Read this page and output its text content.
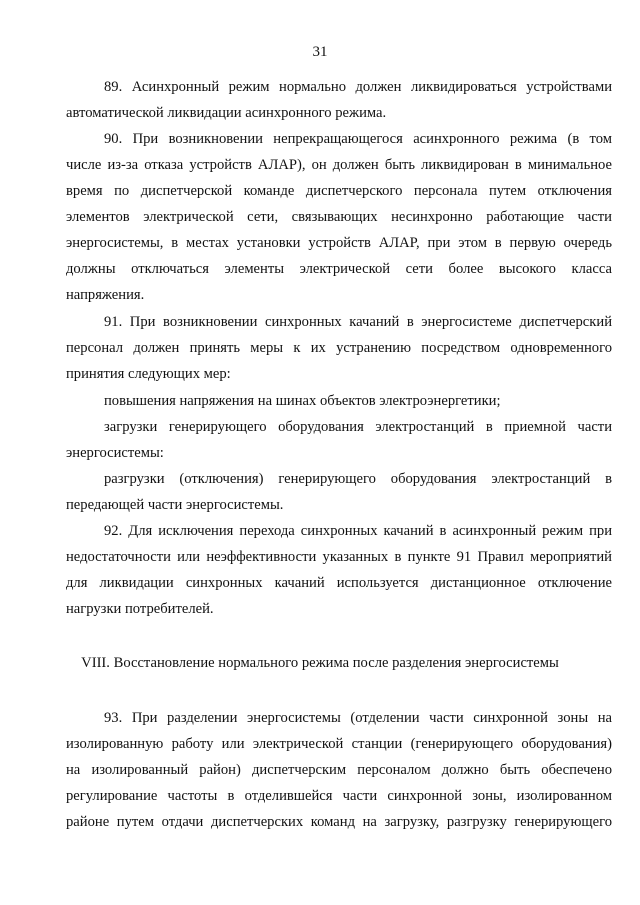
31
89. Асинхронный режим нормально должен ликвидироваться устройствами
автоматической ликвидации асинхронного режима.
90. При возникновении непрекращающегося асинхронного режима (в том
числе из-за отказа устройств АЛАР), он должен быть ликвидирован в минимальное
время по диспетчерской команде диспетчерского персонала путем отключения
элементов электрической сети, связывающих несинхронно работающие части
энергосистемы, в местах установки устройств АЛАР, при этом в первую очередь
должны отключаться элементы электрической сети более высокого класса
напряжения.
91. При возникновении синхронных качаний в энергосистеме диспетчерский
персонал должен принять меры к их устранению посредством одновременного
принятия следующих мер:
повышения напряжения на шинах объектов электроэнергетики;
загрузки генерирующего оборудования электростанций в приемной части
энергосистемы:
разгрузки (отключения) генерирующего оборудования электростанций в
передающей части энергосистемы.
92. Для исключения перехода синхронных качаний в асинхронный режим при
недостаточности или неэффективности указанных в пункте 91 Правил мероприятий
для ликвидации синхронных качаний используется дистанционное отключение
нагрузки потребителей.
VIII. Восстановление нормального режима после разделения энергосистемы
93. При разделении энергосистемы (отделении части синхронной зоны на
изолированную работу или электрической станции (генерирующего оборудования)
на изолированный район) диспетчерским персоналом должно быть обеспечено
регулирование частоты в отделившейся части синхронной зоны, изолированном
районе путем отдачи диспетчерских команд на загрузку, разгрузку генерирующего
